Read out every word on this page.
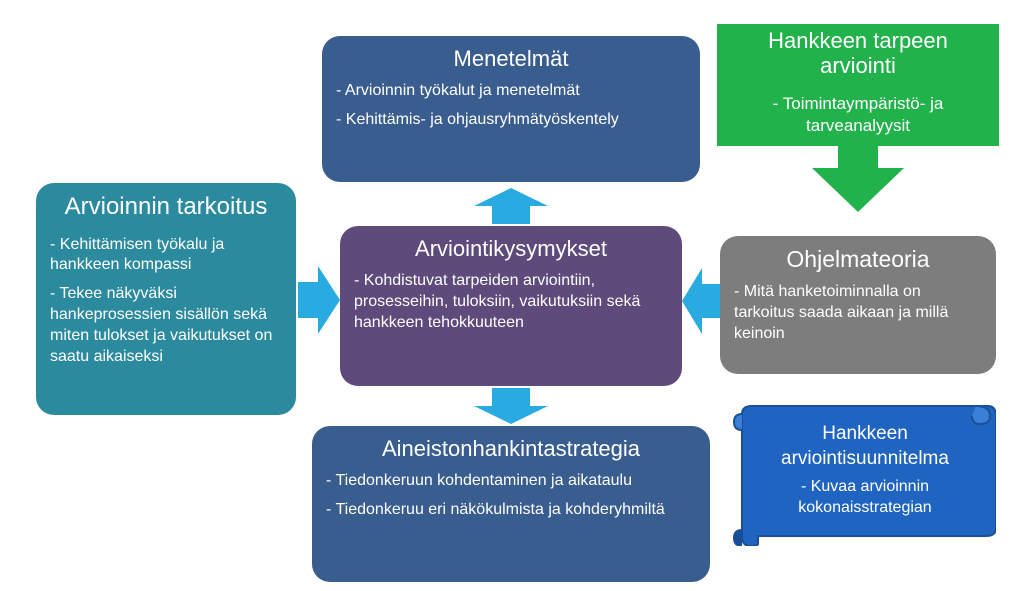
Menetelmät

- Arvioinnin työkalut ja menetelmät

- Kehittämis- ja ohjausryhmätyöskentely

Hankkeen tarpeen arviointi

- Toimintaympäristö- ja tarveanalyysit

Arvioinnin tarkoitus

- Kehittämisen työkalu ja hankkeen kompassi

- Tekee näkyväksi hankeprosessien sisällön sekä miten tulokset ja vaikutukset on saatu aikaiseksi

Arviointikysymykset

- Kohdistuvat tarpeiden arviointiin, prosesseihin, tuloksiin, vaikutuksiin sekä hankkeen tehokkuuteen

Ohjelmateoria

- Mitä hanketoiminnalla on tarkoitus saada aikaan ja millä keinoin

Aineistonhankintastrategia

- Tiedonkeruun kohdentaminen ja aikataulu

- Tiedonkeruu eri näkökulmista ja kohderyhmiltä

Hankkeen arviointisuunnitelma

- Kuvaa arvioinnin kokonaisstrategian
